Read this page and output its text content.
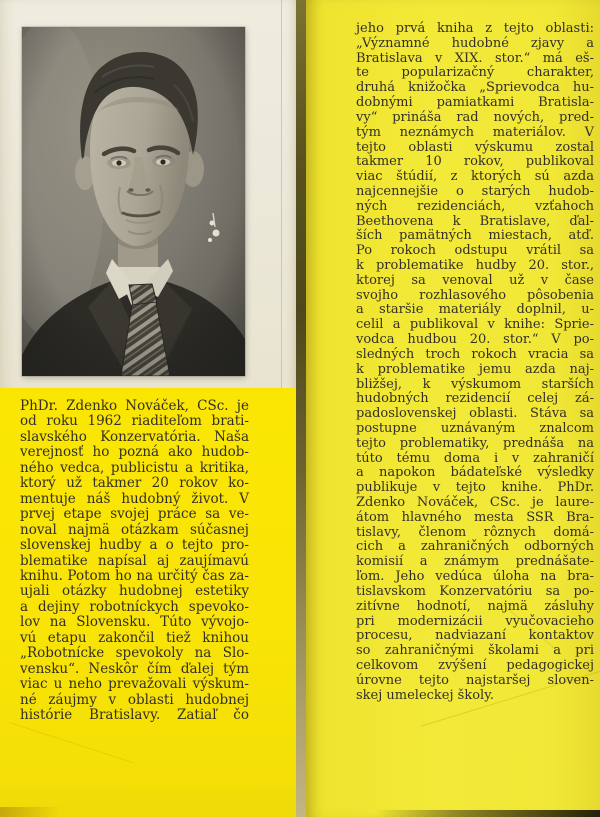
PhDr. Zdenko Nováček, CSc. je
od roku 1962 riaditeľom brati-
slavského Konzervatória. Naša
verejnosť ho pozná ako hudob-
ného vedca, publicistu a kritika,
ktorý už takmer 20 rokov ko-
mentuje náš hudobný život. V
prvej etape svojej práce sa ve-
noval najmä otázkam súčasnej
slovenskej hudby a o tejto pro-
blematike napísal aj zaujímavú
knihu. Potom ho na určitý čas za-
ujali otázky hudobnej estetiky
a dejiny robotníckych spevoko-
lov na Slovensku. Túto vývojo-
vú etapu zakončil tiež knihou
„Robotnícke spevokoly na Slo-
vensku“. Neskôr čím ďalej tým
viac u neho prevažovali výskum-
né záujmy v oblasti hudobnej
histórie Bratislavy. Zatiaľ čo
jeho prvá kniha z tejto oblasti:
„Významné hudobné zjavy a
Bratislava v XIX. stor.“ má eš-
te popularizačný charakter,
druhá knižočka „Sprievodca hu-
dobnými pamiatkami Bratisla-
vy“ prináša rad nových, pred-
tým neznámych materiálov. V
tejto oblasti výskumu zostal
takmer 10 rokov, publikoval
viac štúdií, z ktorých sú azda
najcennejšie o starých hudob-
ných rezidenciách, vzťahoch
Beethovena k Bratislave, ďal-
ších pamätných miestach, atď.
Po rokoch odstupu vrátil sa
k problematike hudby 20. stor.,
ktorej sa venoval už v čase
svojho rozhlasového pôsobenia
a staršie materiály doplnil, u-
celil a publikoval v knihe: Sprie-
vodca hudbou 20. stor.“ V po-
sledných troch rokoch vracia sa
k problematike jemu azda naj-
bližšej, k výskumom starších
hudobných rezidencií celej zá-
padoslovenskej oblasti. Stáva sa
postupne uznávaným znalcom
tejto problematiky, prednáša na
túto tému doma i v zahraničí
a napokon bádateľské výsledky
publikuje v tejto knihe. PhDr.
Zdenko Nováček, CSc. je laure-
átom hlavného mesta SSR Bra-
tislavy, členom rôznych domá-
cich a zahraničných odborných
komisií a známym prednášate-
ľom. Jeho vedúca úloha na bra-
tislavskom Konzervatóriu sa po-
zitívne hodnotí, najmä zásluhy
pri modernizácii vyučovacieho
procesu, nadviazaní kontaktov
so zahraničnými školami a pri
celkovom zvýšení pedagogickej
úrovne tejto najstaršej sloven-
skej umeleckej školy.
